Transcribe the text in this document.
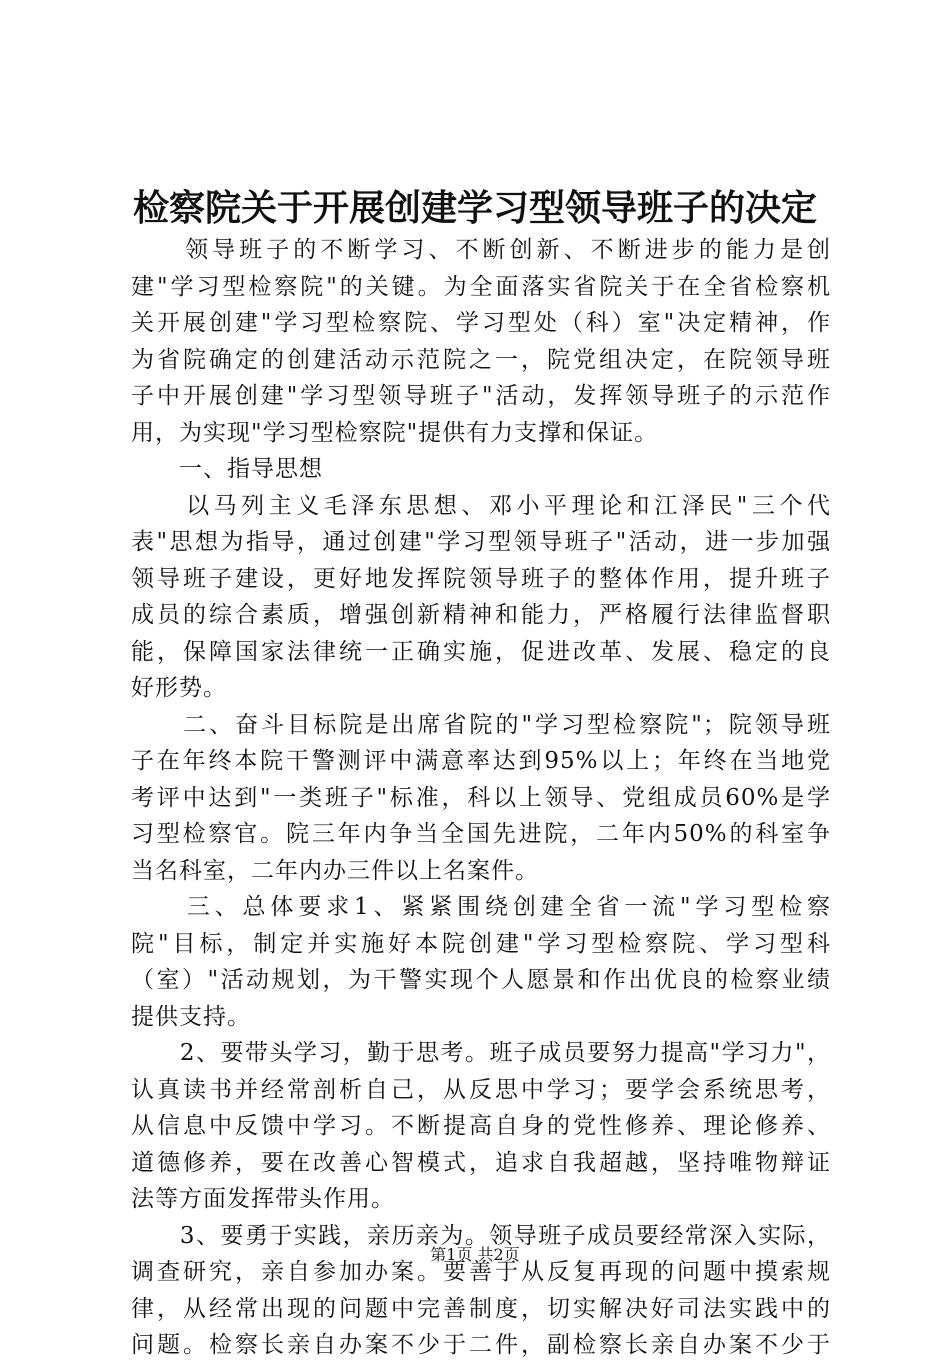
检察院关于开展创建学习型领导班子的决定
　　领导班子的不断学习、不断创新、不断进步的能力是创
建"学习型检察院"的关键。为全面落实省院关于在全省检察机
关开展创建"学习型检察院、学习型处（科）室"决定精神，作
为省院确定的创建活动示范院之一，院党组决定，在院领导班
子中开展创建"学习型领导班子"活动，发挥领导班子的示范作
用，为实现"学习型检察院"提供有力支撑和保证。
　　一、指导思想
　　以马列主义毛泽东思想、邓小平理论和江泽民"三个代
表"思想为指导，通过创建"学习型领导班子"活动，进一步加强
领导班子建设，更好地发挥院领导班子的整体作用，提升班子
成员的综合素质，增强创新精神和能力，严格履行法律监督职
能，保障国家法律统一正确实施，促进改革、发展、稳定的良
好形势。
　　二、奋斗目标院是出席省院的"学习型检察院"；院领导班
子在年终本院干警测评中满意率达到95%以上；年终在当地党
考评中达到"一类班子"标准，科以上领导、党组成员60%是学
习型检察官。院三年内争当全国先进院，二年内50%的科室争
当名科室，二年内办三件以上名案件。
　　三、总体要求1、紧紧围绕创建全省一流"学习型检察
院"目标，制定并实施好本院创建"学习型检察院、学习型科
（室）"活动规划，为干警实现个人愿景和作出优良的检察业绩
提供支持。
　　2、要带头学习，勤于思考。班子成员要努力提高"学习力"，
认真读书并经常剖析自己，从反思中学习；要学会系统思考，
从信息中反馈中学习。不断提高自身的党性修养、理论修养、
道德修养，要在改善心智模式，追求自我超越，坚持唯物辩证
法等方面发挥带头作用。
　　3、要勇于实践，亲历亲为。领导班子成员要经常深入实际，
调查研究，亲自参加办案。要善于从反复再现的问题中摸索规
律，从经常出现的问题中完善制度，切实解决好司法实践中的
问题。检察长亲自办案不少于二件，副检察长亲自办案不少于
第1页 共2页
